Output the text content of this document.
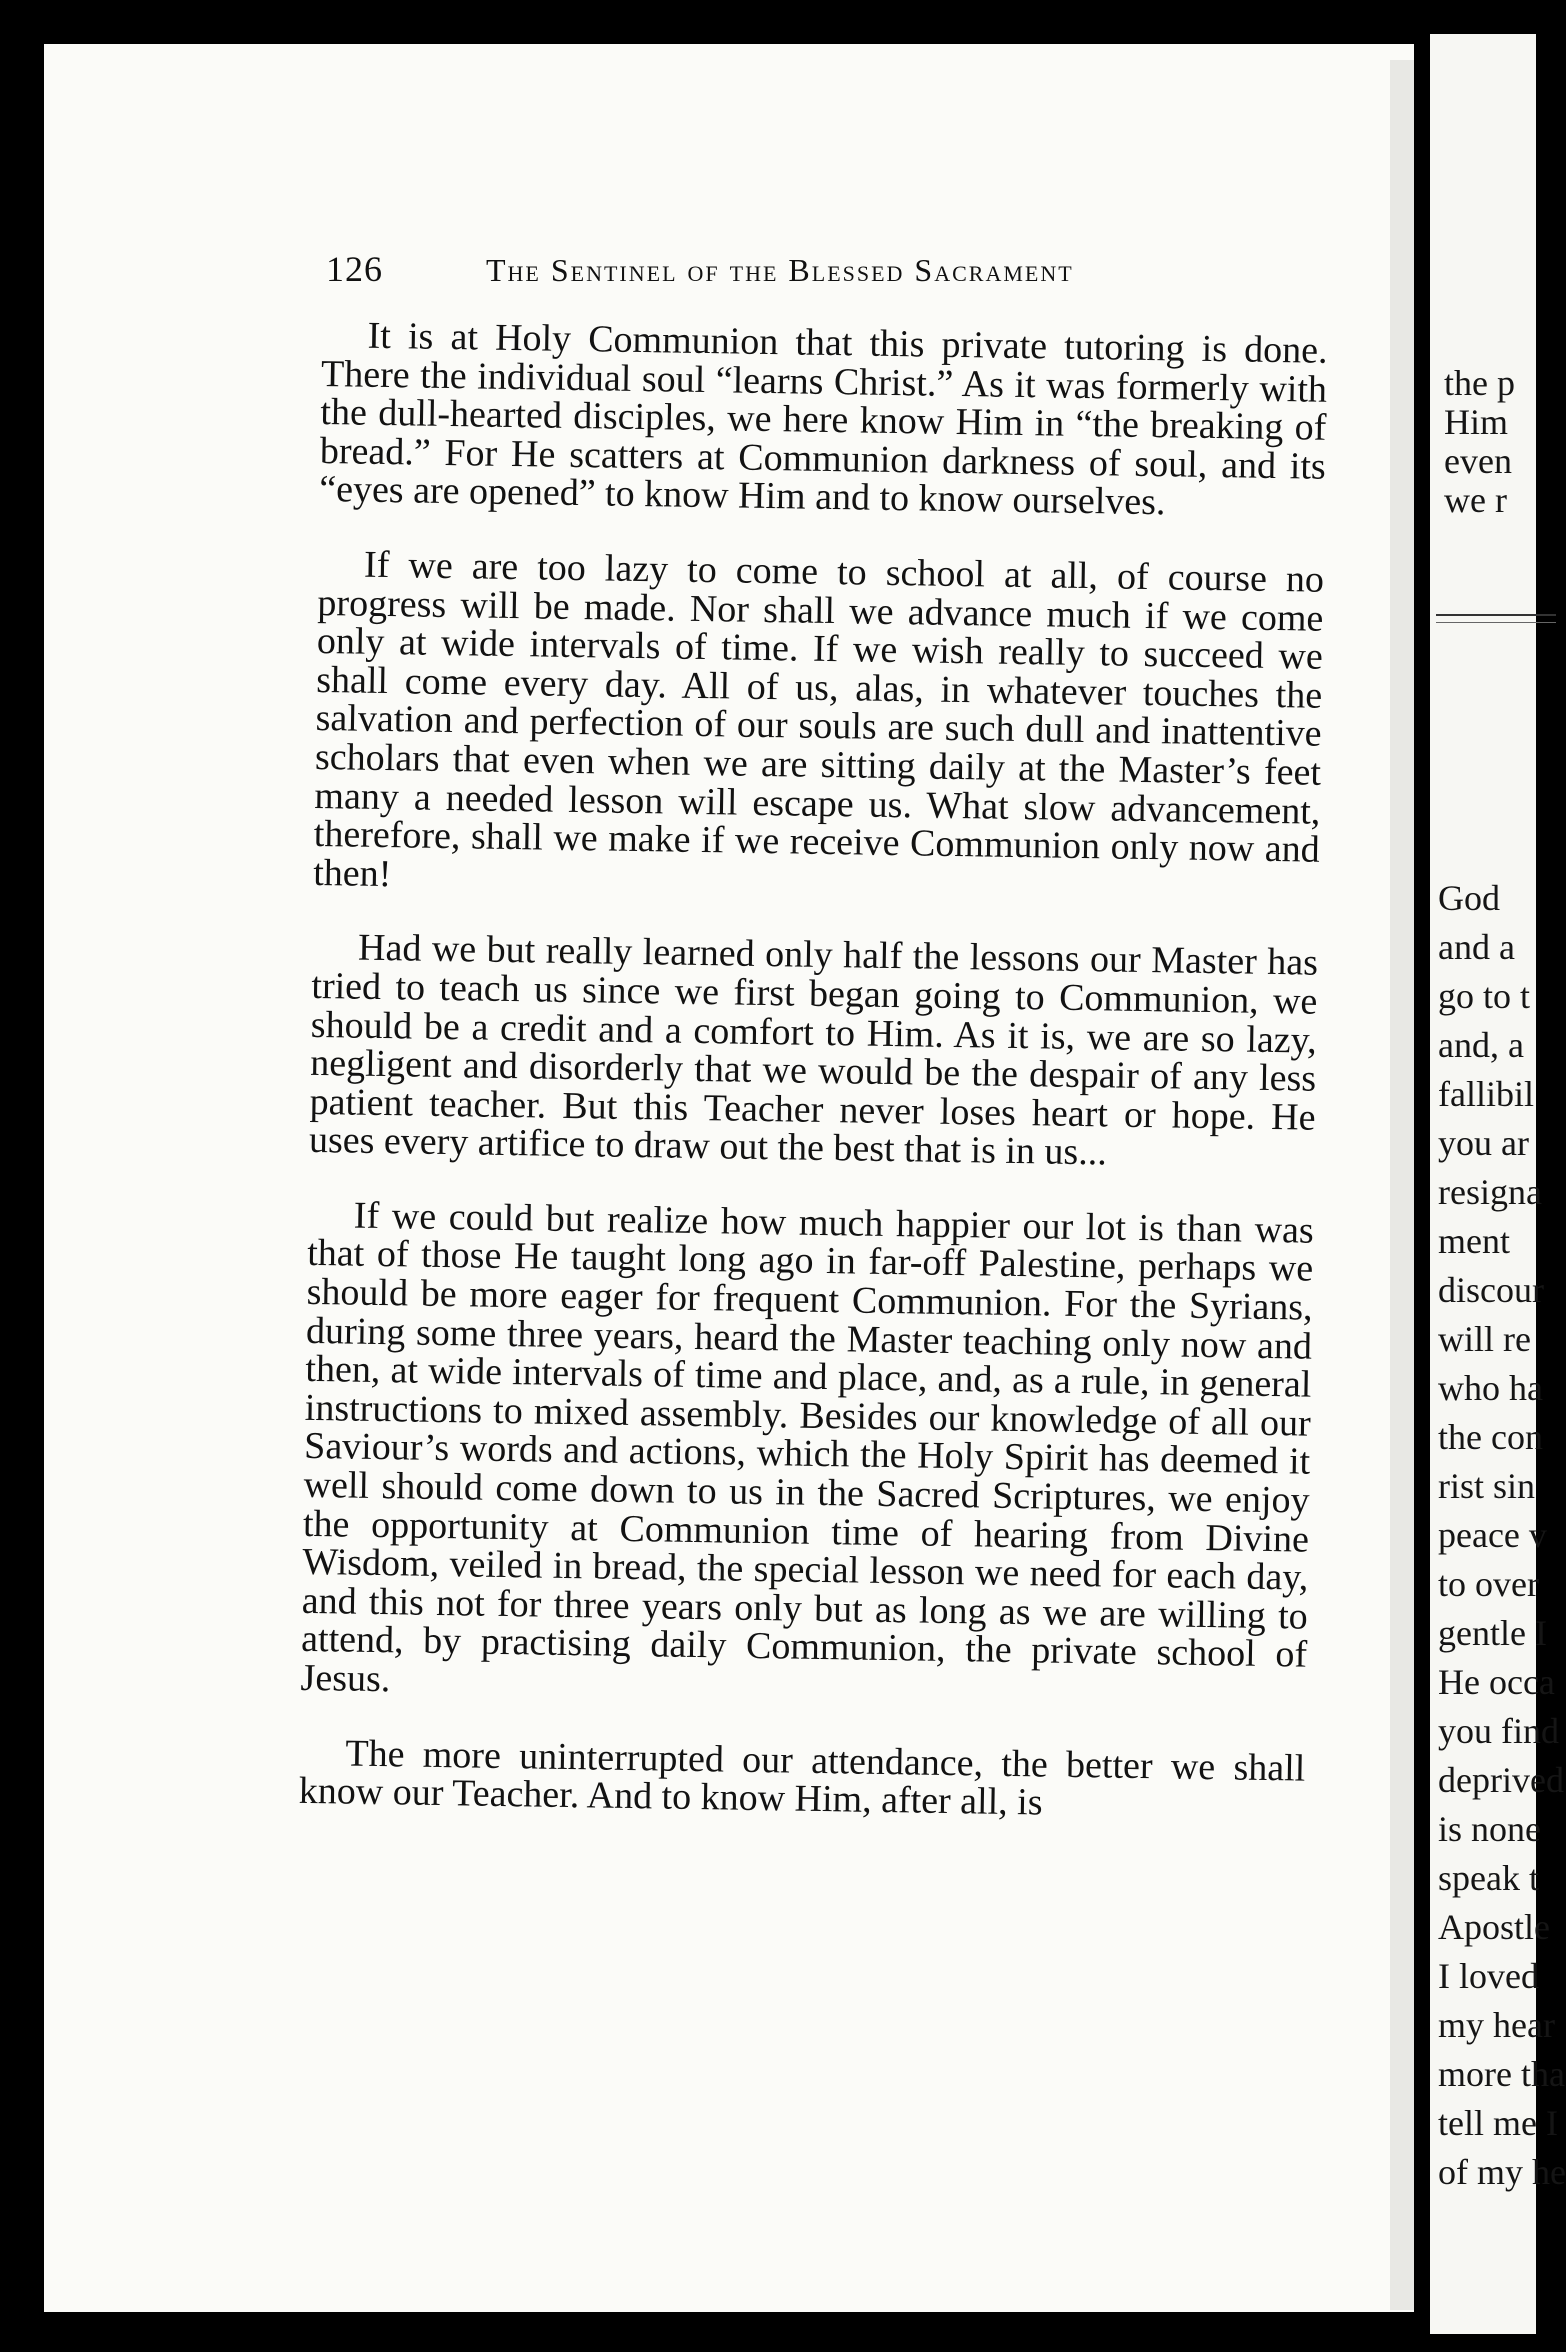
the p
Him
even
we r
God
and a
go to t
and, a
fallibil
you ar
resigna
ment
discour
will re
who ha
the con
rist sin
peace v
to over
gentle I
He occa
you find
deprived
is none
speak t
Apostle
I loved
my hear
more tha
tell me I
of my he
126	The Sentinel of the Blessed Sacrament

It is at Holy Communion that this private tutoring is done. There the individual soul “learns Christ.” As it was formerly with the dull-hearted disciples, we here know Him in “the breaking of bread.” For He scatters at Communion darkness of soul, and its “eyes are opened” to know Him and to know ourselves.

If we are too lazy to come to school at all, of course no progress will be made. Nor shall we advance much if we come only at wide intervals of time. If we wish really to succeed we shall come every day. All of us, alas, in whatever touches the salvation and perfection of our souls are such dull and inattentive scholars that even when we are sitting daily at the Master’s feet many a needed lesson will escape us. What slow advancement, therefore, shall we make if we receive Communion only now and then!

Had we but really learned only half the lessons our Master has tried to teach us since we first began going to Communion, we should be a credit and a comfort to Him. As it is, we are so lazy, negligent and disorderly that we would be the despair of any less patient teacher. But this Teacher never loses heart or hope. He uses every artifice to draw out the best that is in us...

If we could but realize how much happier our lot is than was that of those He taught long ago in far-off Palestine, perhaps we should be more eager for frequent Communion. For the Syrians, during some three years, heard the Master teaching only now and then, at wide intervals of time and place, and, as a rule, in general instructions to mixed assembly. Besides our knowledge of all our Saviour’s words and actions, which the Holy Spirit has deemed it well should come down to us in the Sacred Scriptures, we enjoy the opportunity at Communion time of hearing from Divine Wisdom, veiled in bread, the special lesson we need for each day, and this not for three years only but as long as we are willing to attend, by practising daily Communion, the private school of Jesus.

The more uninterrupted our attendance, the better we shall know our Teacher. And to know Him, after all, is
